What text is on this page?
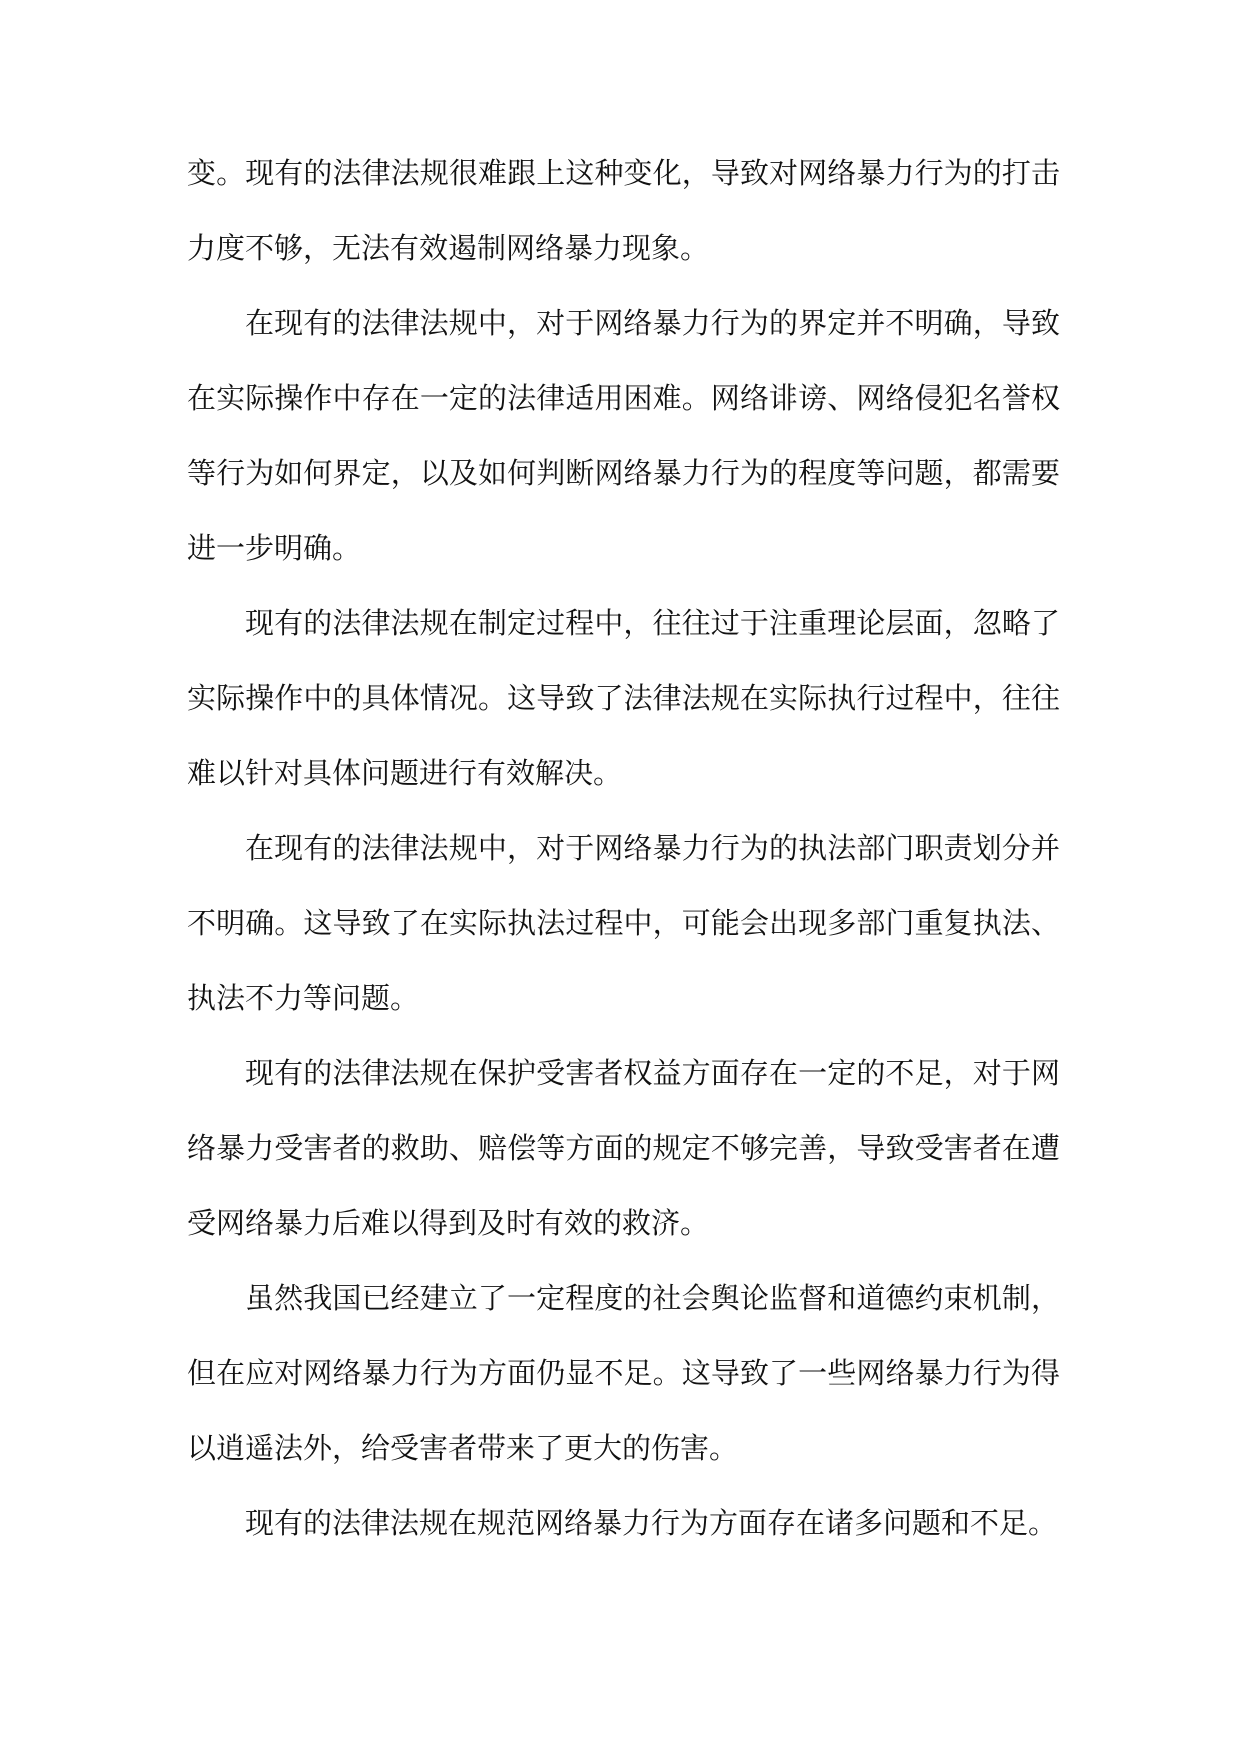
变。现有的法律法规很难跟上这种变化，导致对网络暴力行为的打击力度不够，无法有效遏制网络暴力现象。

在现有的法律法规中，对于网络暴力行为的界定并不明确，导致在实际操作中存在一定的法律适用困难。网络诽谤、网络侵犯名誉权等行为如何界定，以及如何判断网络暴力行为的程度等问题，都需要进一步明确。

现有的法律法规在制定过程中，往往过于注重理论层面，忽略了实际操作中的具体情况。这导致了法律法规在实际执行过程中，往往难以针对具体问题进行有效解决。

在现有的法律法规中，对于网络暴力行为的执法部门职责划分并不明确。这导致了在实际执法过程中，可能会出现多部门重复执法、执法不力等问题。

现有的法律法规在保护受害者权益方面存在一定的不足，对于网络暴力受害者的救助、赔偿等方面的规定不够完善，导致受害者在遭受网络暴力后难以得到及时有效的救济。

虽然我国已经建立了一定程度的社会舆论监督和道德约束机制，但在应对网络暴力行为方面仍显不足。这导致了一些网络暴力行为得以逍遥法外，给受害者带来了更大的伤害。

现有的法律法规在规范网络暴力行为方面存在诸多问题和不足。
